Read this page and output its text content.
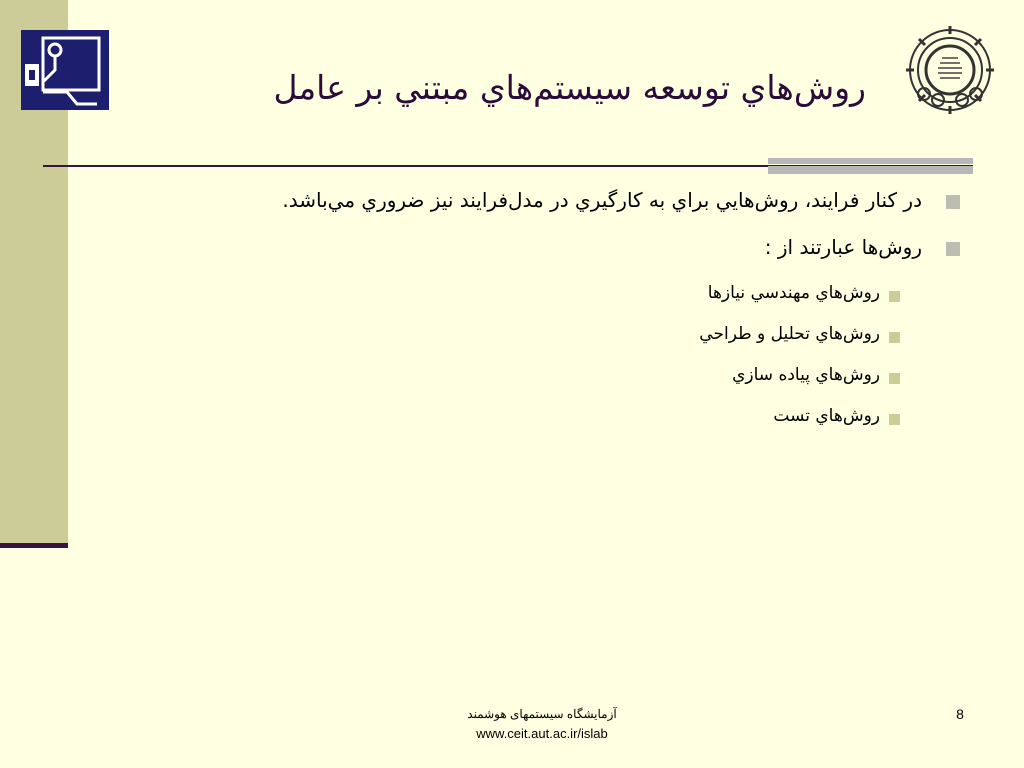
روش‌هاي توسعه سيستم‌هاي مبتني بر عامل
در كنار فرايند، روش‌هايي براي به كارگيري در مدل‌فرايند نيز ضروري مي‌باشد.
روش‌ها عبارتند از :
روش‌هاي مهندسي نيازها
روش‌هاي تحليل و طراحي
روش‌هاي پياده سازي
روش‌هاي تست
آزمايشگاه سيستمهای هوشمند
www.ceit.aut.ac.ir/islab
8
